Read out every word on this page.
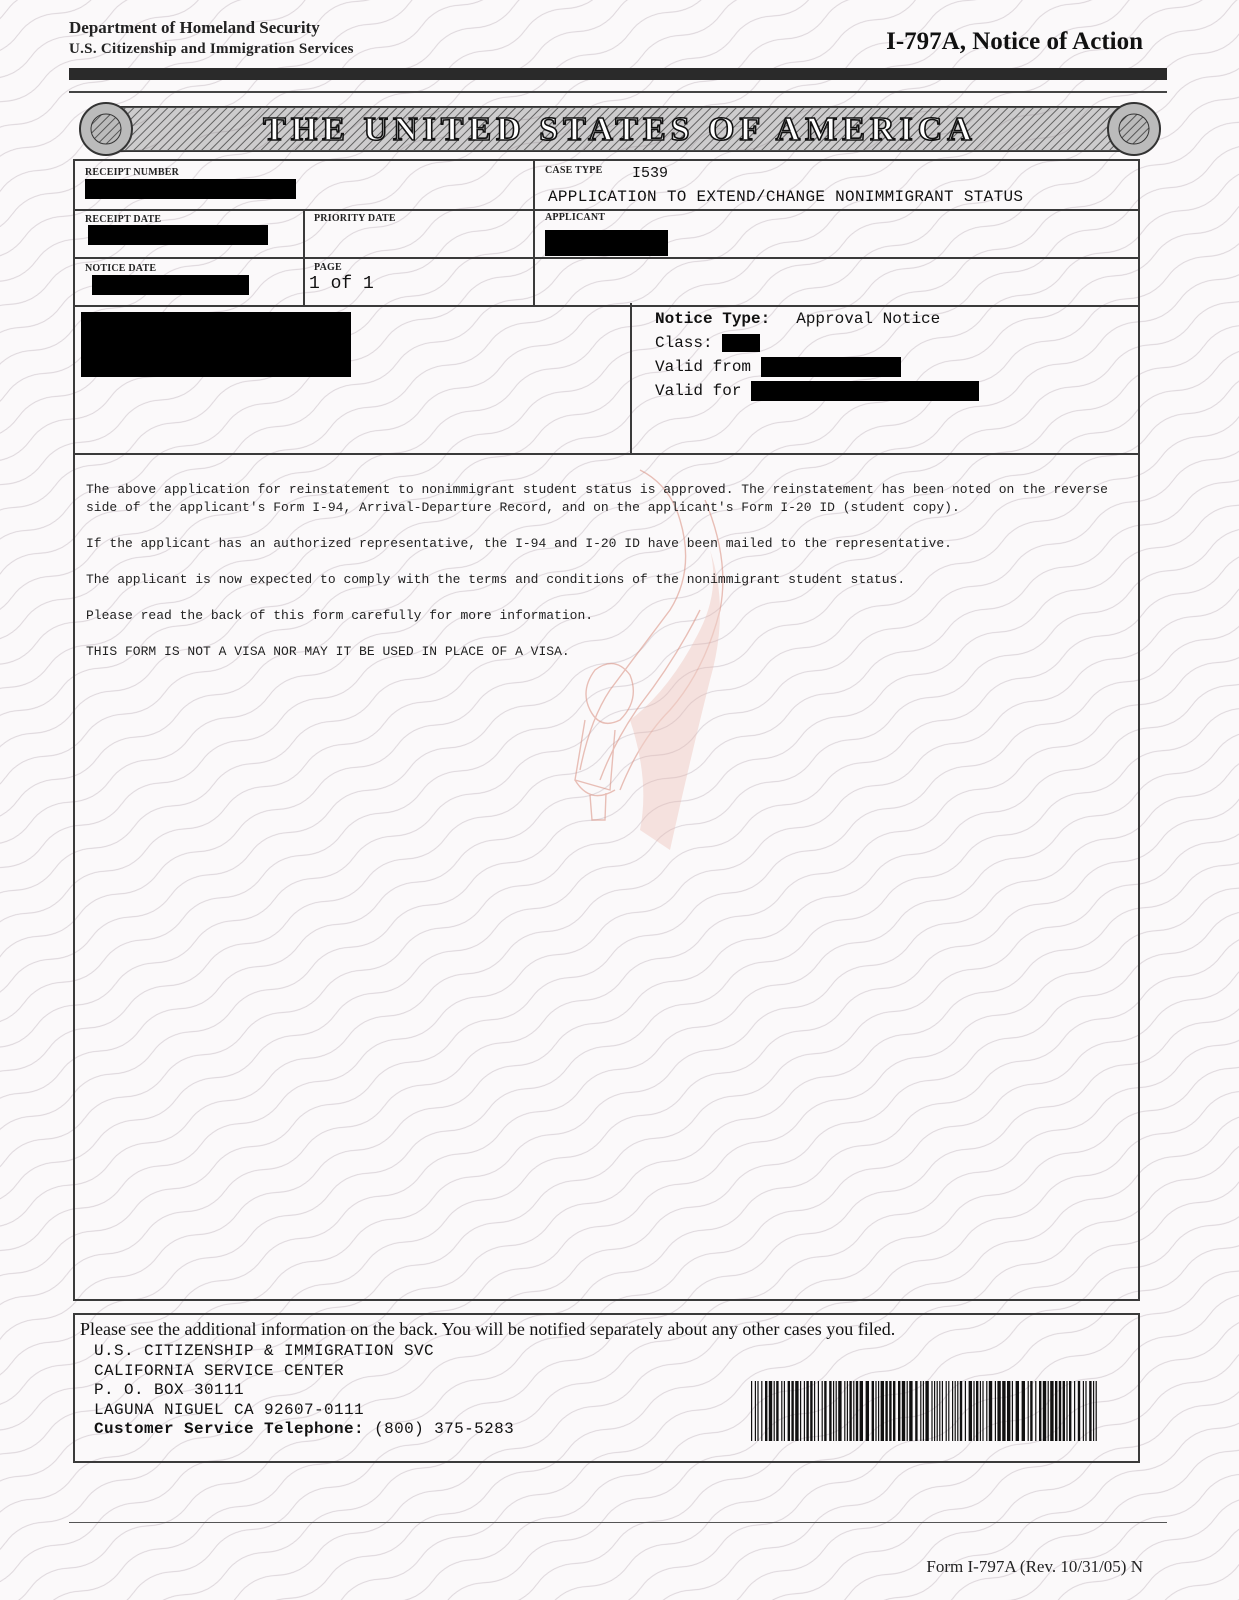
Department of Homeland Security
U.S. Citizenship and Immigration Services	I-797A, Notice of Action
THE UNITED STATES OF AMERICA
RECEIPT NUMBER	CASE TYPE I539
APPLICATION TO EXTEND/CHANGE NONIMMIGRANT STATUS
RECEIPT DATE	PRIORITY DATE	APPLICANT
NOTICE DATE	PAGE
1 of 1
Notice Type: Approval Notice
Class:
Valid from
Valid for

The above application for reinstatement to nonimmigrant student status is approved. The reinstatement has been noted on the reverse side of the applicant's Form I-94, Arrival-Departure Record, and on the applicant's Form I-20 ID (student copy).

If the applicant has an authorized representative, the I-94 and I-20 ID have been mailed to the representative.

The applicant is now expected to comply with the terms and conditions of the nonimmigrant student status.

Please read the back of this form carefully for more information.

THIS FORM IS NOT A VISA NOR MAY IT BE USED IN PLACE OF A VISA.

Please see the additional information on the back. You will be notified separately about any other cases you filed.
U.S. CITIZENSHIP & IMMIGRATION SVC
CALIFORNIA SERVICE CENTER
P. O. BOX 30111
LAGUNA NIGUEL CA 92607-0111
Customer Service Telephone: (800) 375-5283
Form I-797A (Rev. 10/31/05) N
